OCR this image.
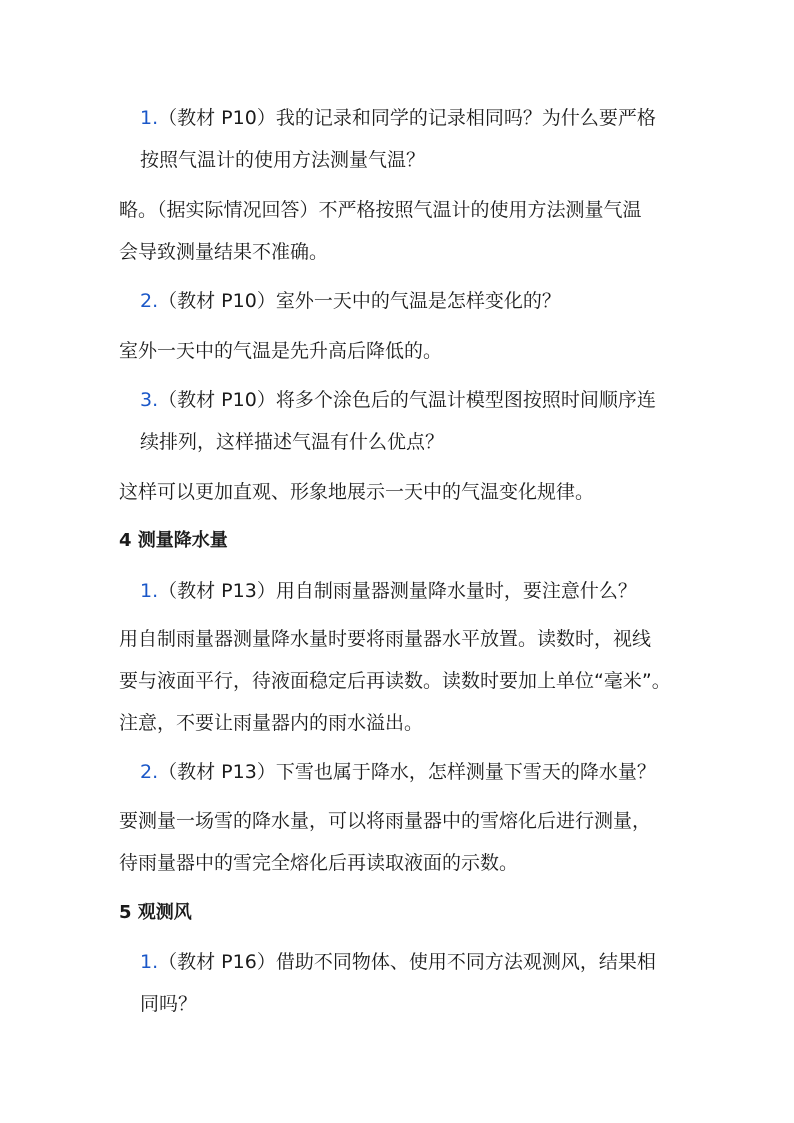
1.（教材 P10）我的记录和同学的记录相同吗？为什么要严格

按照气温计的使用方法测量气温？

略。（据实际情况回答）不严格按照气温计的使用方法测量气温

会导致测量结果不准确。

2.（教材 P10）室外一天中的气温是怎样变化的？

室外一天中的气温是先升高后降低的。

3.（教材 P10）将多个涂色后的气温计模型图按照时间顺序连

续排列，这样描述气温有什么优点？

这样可以更加直观、形象地展示一天中的气温变化规律。

4 测量降水量

1.（教材 P13）用自制雨量器测量降水量时，要注意什么？

用自制雨量器测量降水量时要将雨量器水平放置。读数时，视线

要与液面平行，待液面稳定后再读数。读数时要加上单位“毫米”。

注意，不要让雨量器内的雨水溢出。

2.（教材 P13）下雪也属于降水，怎样测量下雪天的降水量？

要测量一场雪的降水量，可以将雨量器中的雪熔化后进行测量，

待雨量器中的雪完全熔化后再读取液面的示数。

5 观测风

1.（教材 P16）借助不同物体、使用不同方法观测风，结果相

同吗？
